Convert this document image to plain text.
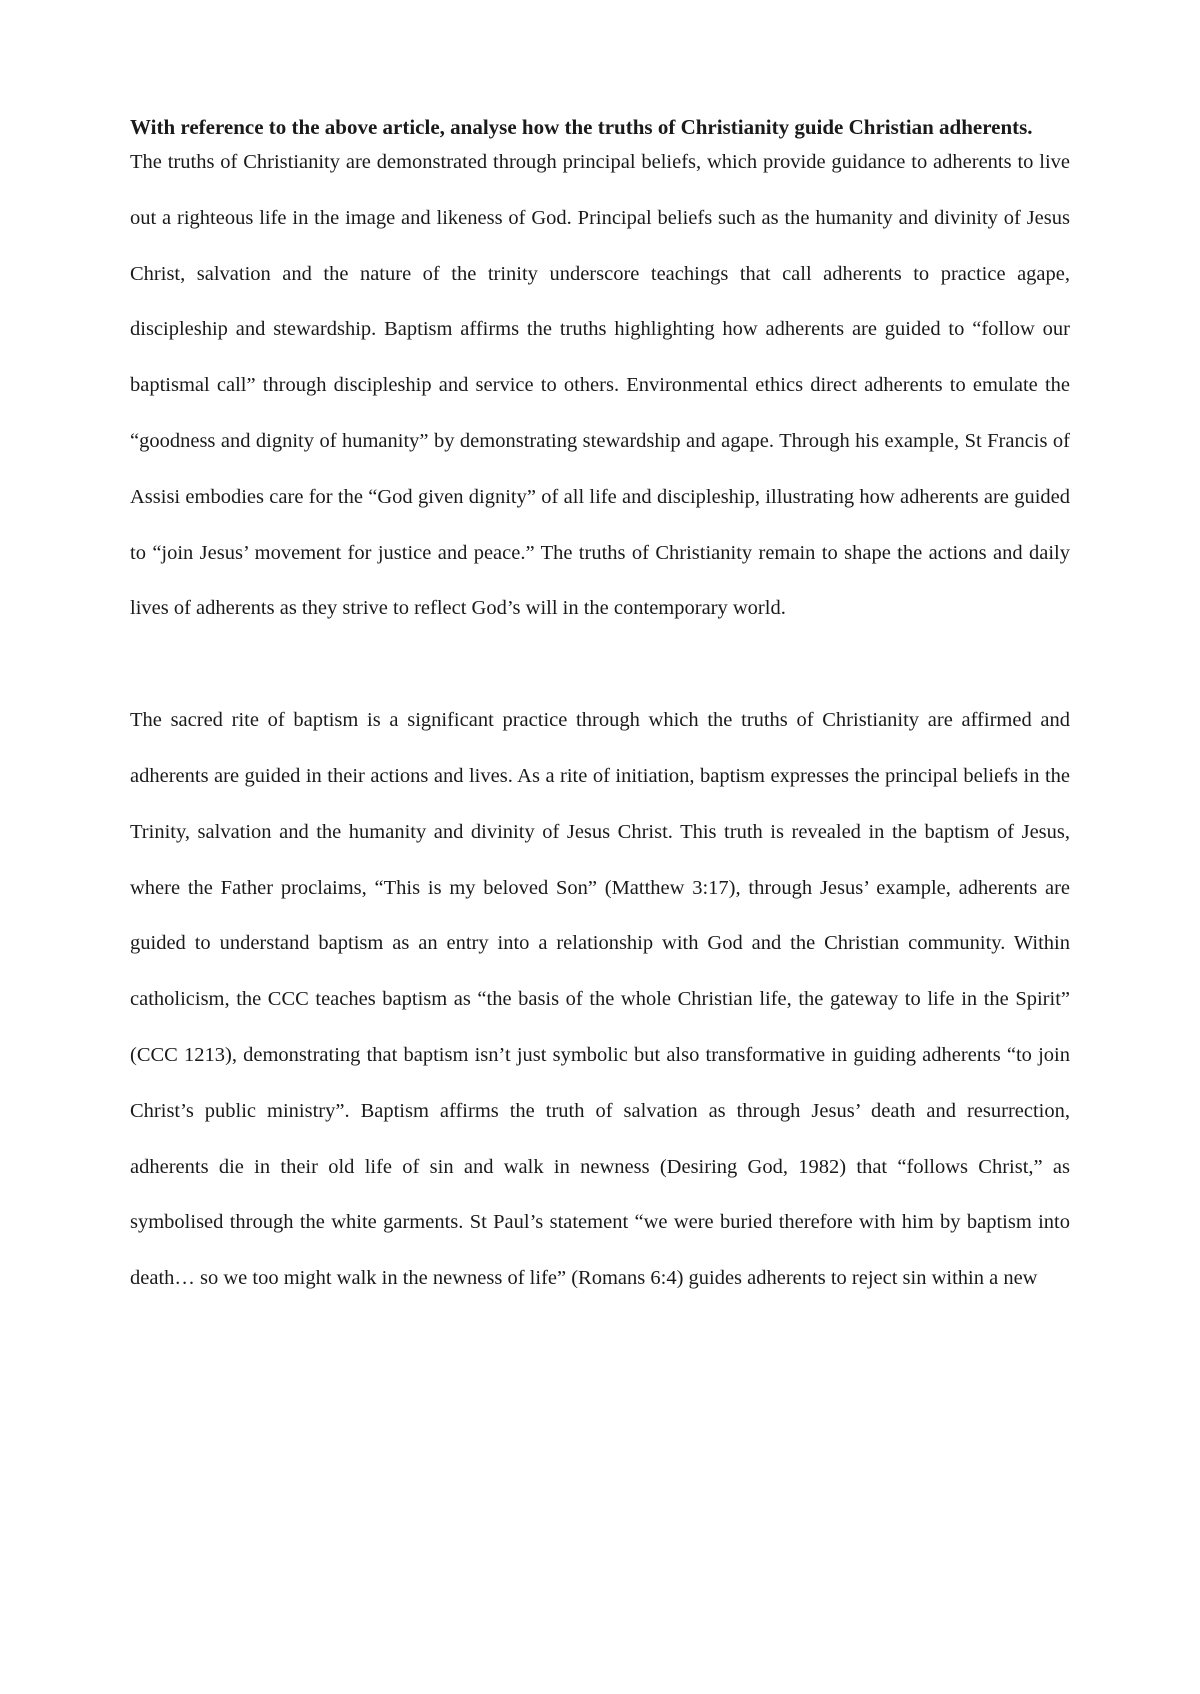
With reference to the above article, analyse how the truths of Christianity guide Christian adherents.

The truths of Christianity are demonstrated through principal beliefs, which provide guidance to adherents to live out a righteous life in the image and likeness of God. Principal beliefs such as the humanity and divinity of Jesus Christ, salvation and the nature of the trinity underscore teachings that call adherents to practice agape, discipleship and stewardship. Baptism affirms the truths highlighting how adherents are guided to “follow our baptismal call” through discipleship and service to others. Environmental ethics direct adherents to emulate the “goodness and dignity of humanity” by demonstrating stewardship and agape. Through his example, St Francis of Assisi embodies care for the “God given dignity” of all life and discipleship, illustrating how adherents are guided to “join Jesus’ movement for justice and peace.” The truths of Christianity remain to shape the actions and daily lives of adherents as they strive to reflect God’s will in the contemporary world.

The sacred rite of baptism is a significant practice through which the truths of Christianity are affirmed and adherents are guided in their actions and lives. As a rite of initiation, baptism expresses the principal beliefs in the Trinity, salvation and the humanity and divinity of Jesus Christ. This truth is revealed in the baptism of Jesus, where the Father proclaims, “This is my beloved Son” (Matthew 3:17), through Jesus’ example, adherents are guided to understand baptism as an entry into a relationship with God and the Christian community. Within catholicism, the CCC teaches baptism as “the basis of the whole Christian life, the gateway to life in the Spirit” (CCC 1213), demonstrating that baptism isn’t just symbolic but also transformative in guiding adherents “to join Christ’s public ministry”. Baptism affirms the truth of salvation as through Jesus’ death and resurrection, adherents die in their old life of sin and walk in newness (Desiring God, 1982) that “follows Christ,” as symbolised through the white garments. St Paul’s statement “we were buried therefore with him by baptism into death… so we too might walk in the newness of life” (Romans 6:4) guides adherents to reject sin within a new
